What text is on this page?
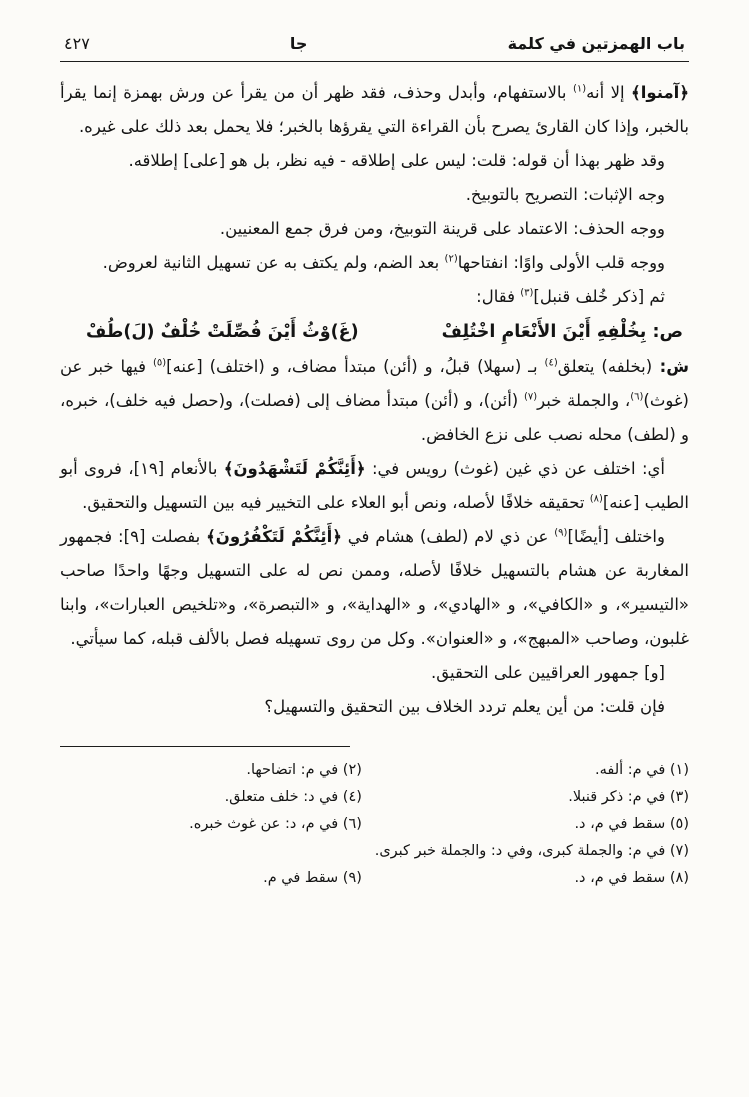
باب الهمزتين في كلمة
جا
٤٢٧

﴿آمنوا﴾ إلا أنه$^{(١)}$ بالاستفهام، وأبدل وحذف، فقد ظهر أن من يقرأ عن ورش بهمزة إنما يقرأ بالخبر، وإذا كان القارئ يصرح بأن القراءة التي يقرؤها بالخبر؛ فلا يحمل بعد ذلك على غيره.

وقد ظهر بهذا أن قوله: قلت: ليس على إطلاقه - فيه نظر، بل هو [على] إطلاقه.

وجه الإثبات: التصريح بالتوبيخ.

ووجه الحذف: الاعتماد على قرينة التوبيخ، ومن فرق جمع المعنيين.

ووجه قلب الأولى واوًا: انفتاحها$^{(٢)}$ بعد الضم، ولم يكتف به عن تسهيل الثانية لعروض.

ثم [ذكر خُلف قنبل]$^{(٣)}$ فقال:

ص: بِخُلْفِهِ أَيْنَ الأَنْعَامِ اخْتُلِفْ
(غَ)وْثُ أَيْنَ فُصِّلَتْ خُلْفٌ (لَ)طُفْ

ش: (بخلفه) يتعلق$^{(٤)}$ بـ (سهلا) قبلُ، و (أئن) مبتدأ مضاف، و (اختلف) [عنه]$^{(٥)}$ فيها خبر عن (غوث)$^{(٦)}$، والجملة خبر$^{(٧)}$ (أئن)، و (أئن) مبتدأ مضاف إلى (فصلت)، و(حصل فيه خلف)، خبره، و (لطف) محله نصب على نزع الخافض.

أي: اختلف عن ذي غين (غوث) رويس في: ﴿أَئِنَّكُمْ لَتَشْهَدُونَ﴾ بالأنعام [١٩]، فروى أبو الطيب [عنه]$^{(٨)}$ تحقيقه خلافًا لأصله، ونص أبو العلاء على التخيير فيه بين التسهيل والتحقيق.

واختلف [أيضًا]$^{(٩)}$ عن ذي لام (لطف) هشام في ﴿أَئِنَّكُمْ لَتَكْفُرُونَ﴾ بفصلت [٩]: فجمهور المغاربة عن هشام بالتسهيل خلافًا لأصله، وممن نص له على التسهيل وجهًا واحدًا صاحب «التيسير»، و «الكافي»، و «الهادي»، و «الهداية»، و «التبصرة»، و«تلخيص العبارات»، وابنا غلبون، وصاحب «المبهج»، و «العنوان». وكل من روى تسهيله فصل بالألف قبله، كما سيأتي.

[و] جمهور العراقيين على التحقيق.

فإن قلت: من أين يعلم تردد الخلاف بين التحقيق والتسهيل؟

(١) في م: ألفه.
(٢) في م: اتضاحها.
(٣) في م: ذكر قنبلا.
(٤) في د: خلف متعلق.
(٥) سقط في م، د.
(٦) في م، د: عن غوث خبره.
(٧) في م: والجملة كبرى، وفي د: والجملة خبر كبرى.
(٨) سقط في م، د.
(٩) سقط في م.
